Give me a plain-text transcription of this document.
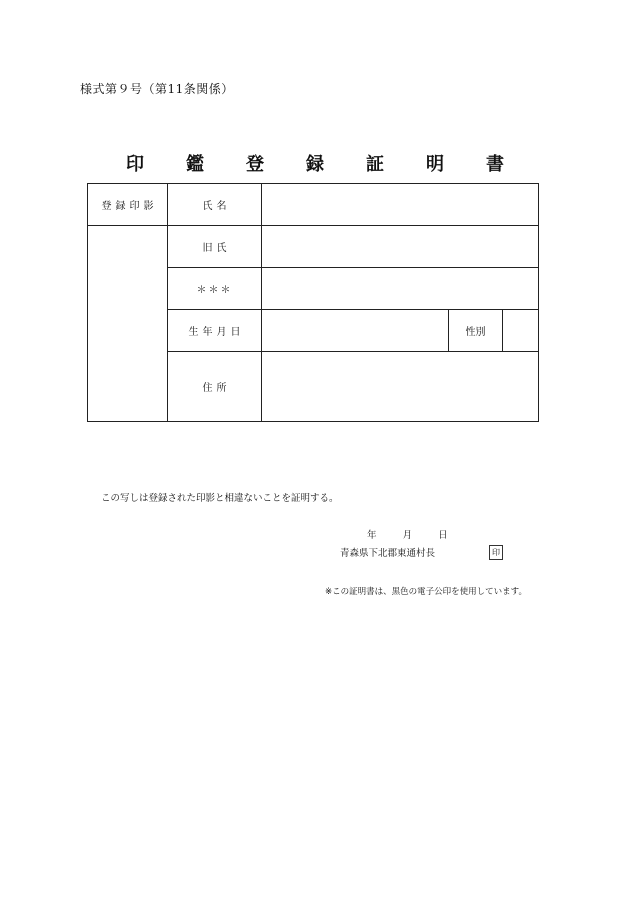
様式第９号（第11条関係）
印　鑑　登　録　証　明　書
登録印影	氏名			
	旧氏			
	＊＊＊			
	生年月日		性別	
	住所			
この写しは登録された印影と相違ないことを証明する。
年	月	日
青森県下北郡東通村長	印
※この証明書は、黒色の電子公印を使用しています。
